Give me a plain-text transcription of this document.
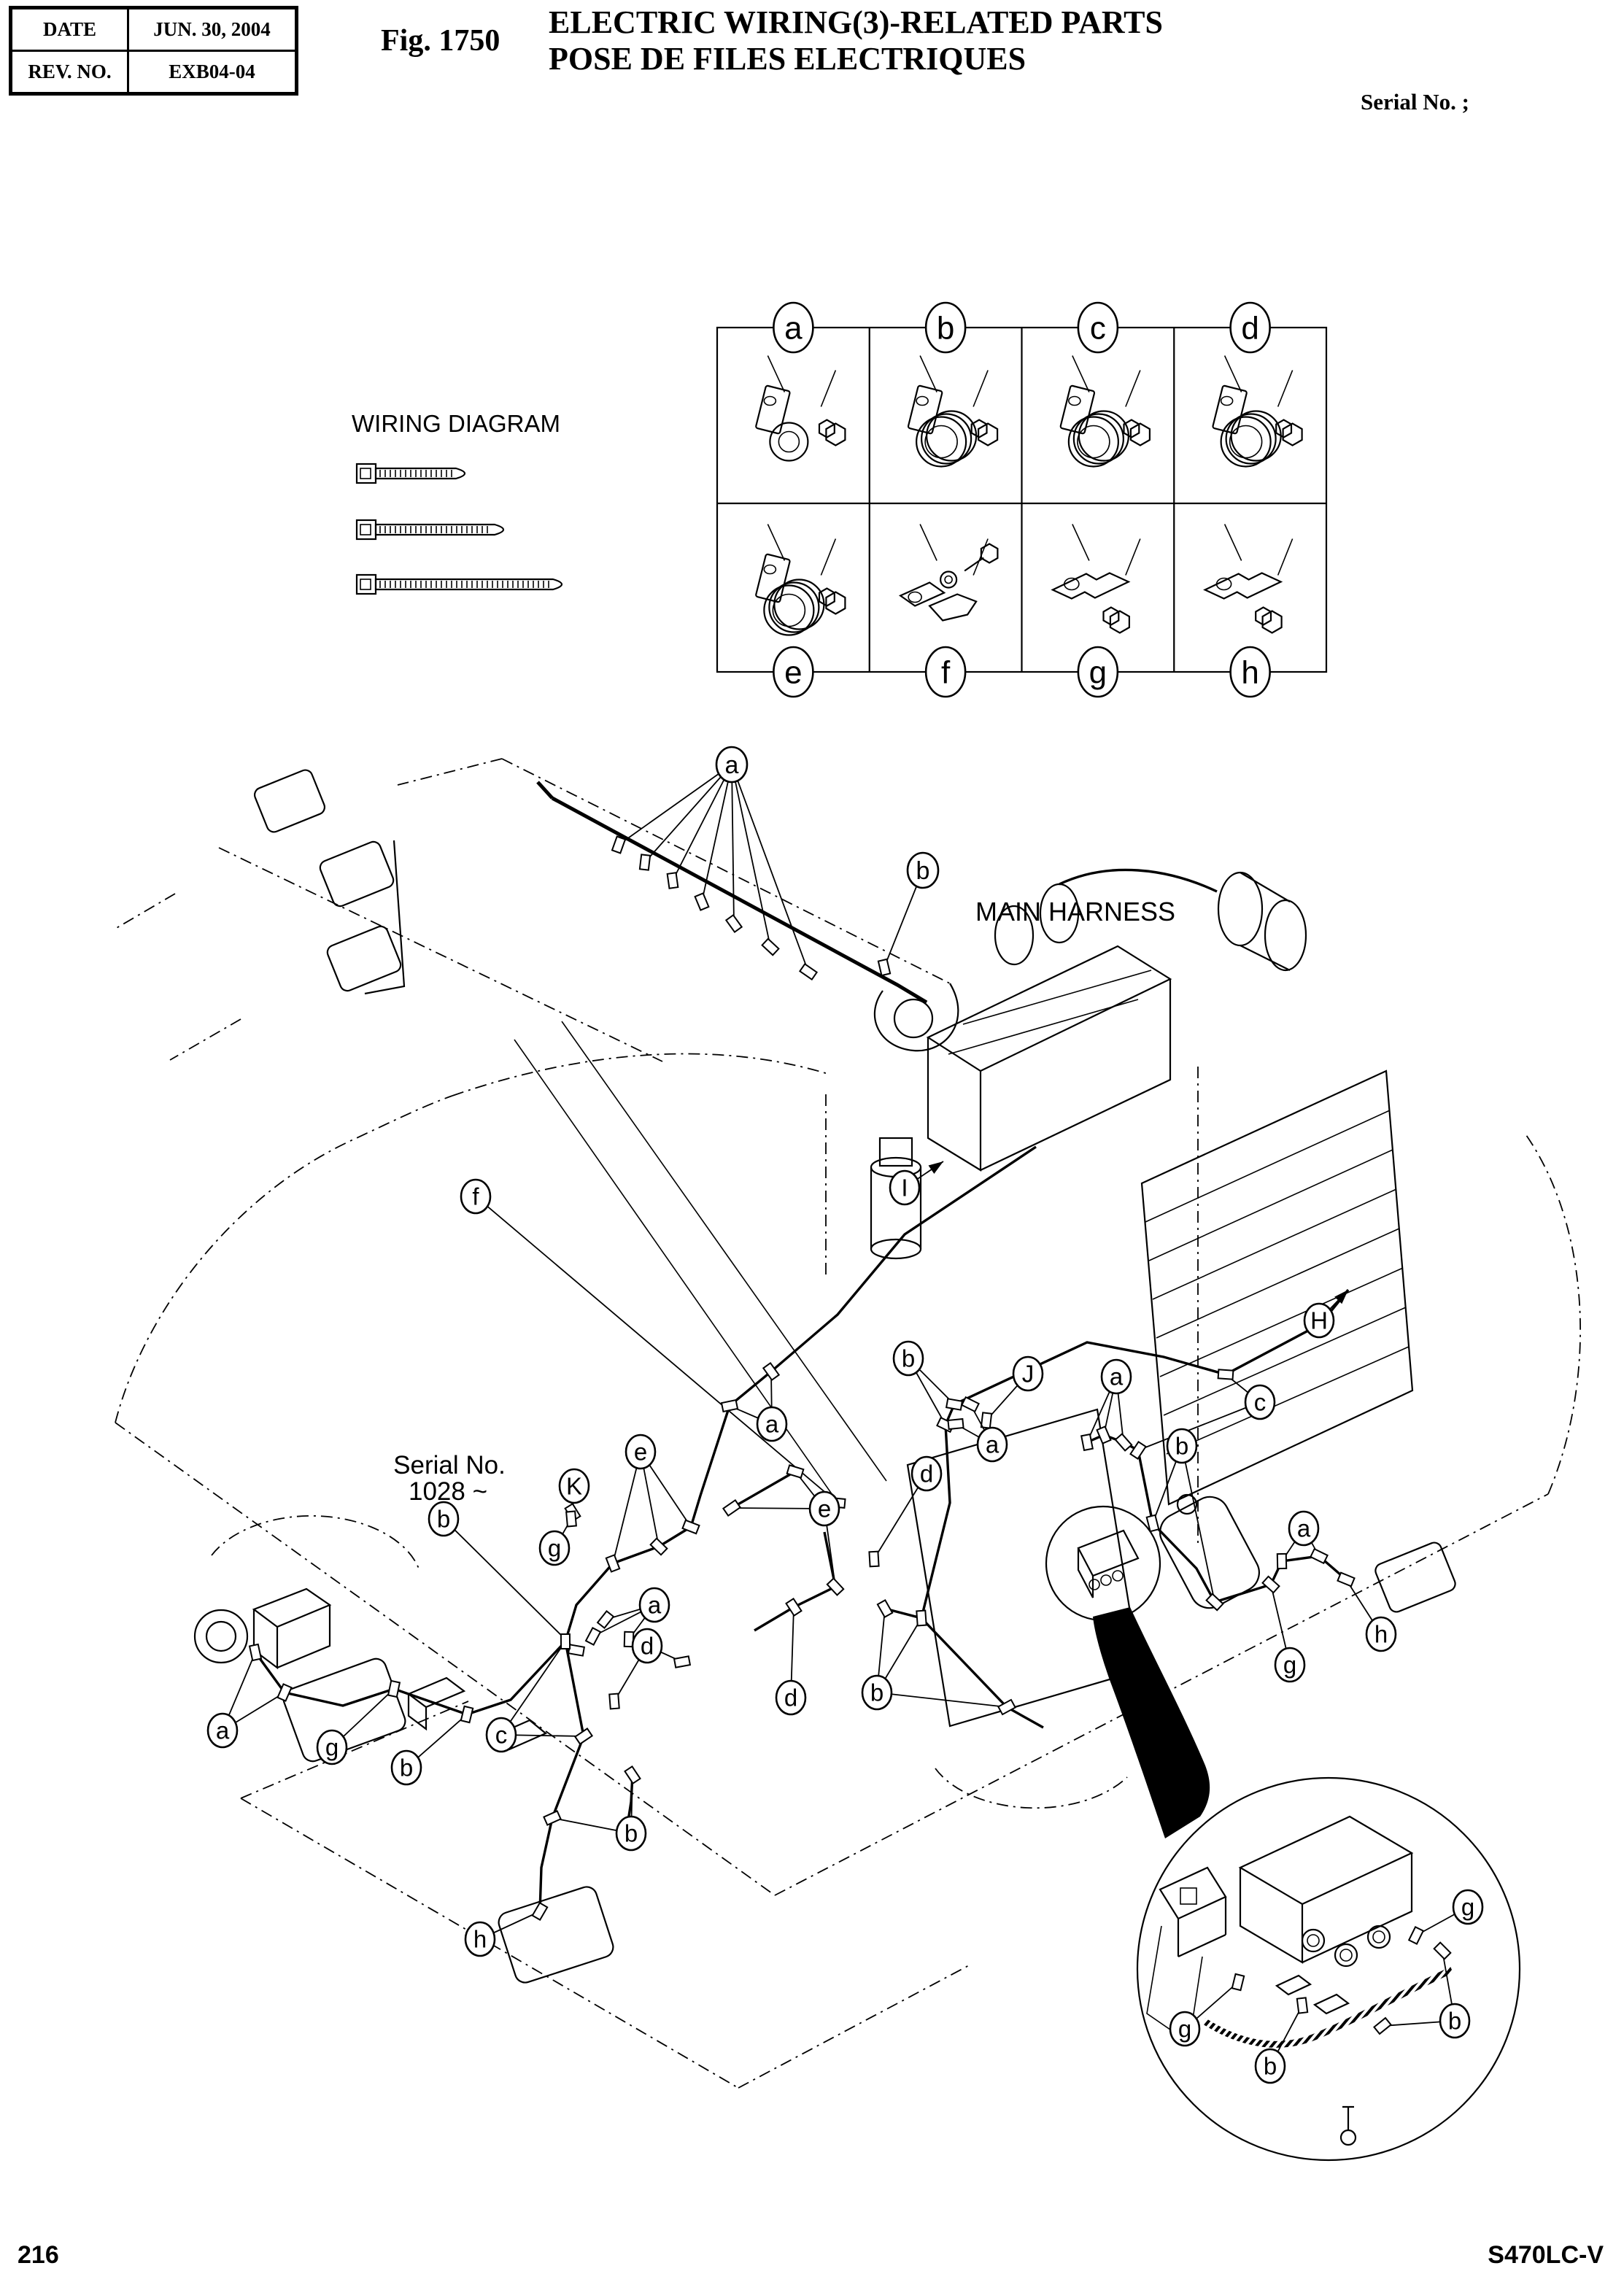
DATE	JUN. 30, 2004
REV. NO.	EXB04-04
Fig. 1750
ELECTRIC WIRING(3)-RELATED PARTS
POSE DE FILES ELECTRIQUES
Serial No. ;
a	b	c	d
e	f	g	h
a
b
f	I
b
J	a
H
c
a	b
a
h
g
e
K
b
g
a
e
a
d
d
d	b
a
g
b
c
h
b
g
b
b
g
WIRING DIAGRAM
MAIN HARNESS
Serial No.
1028 ~
216	S470LC-V
